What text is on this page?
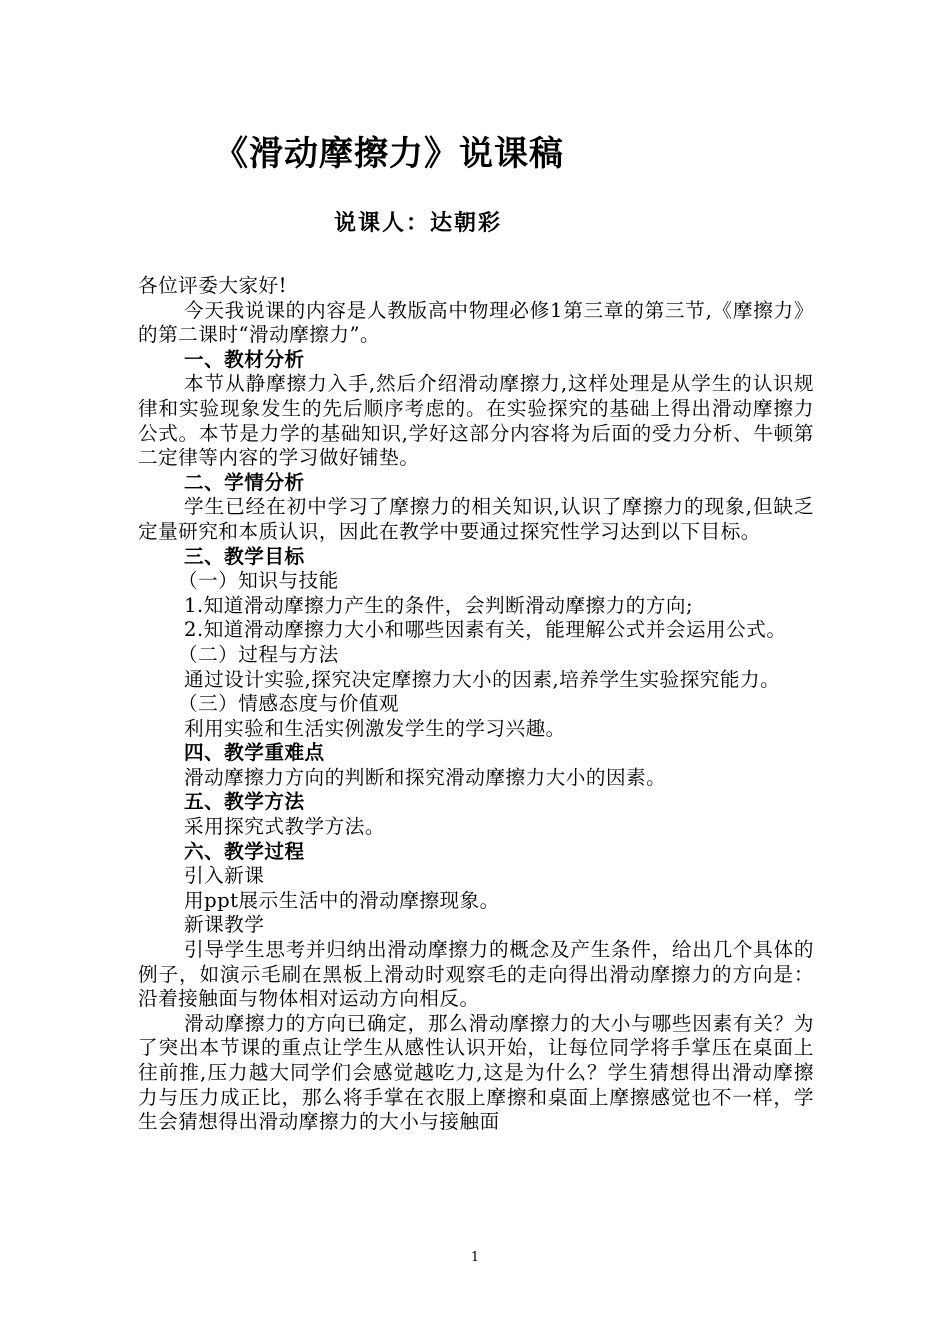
《滑动摩擦力》说课稿
说课人：达朝彩

各位评委大家好!

今天我说课的内容是人教版高中物理必修1第三章的第三节,《摩擦力》的第二课时“滑动摩擦力”。

一、教材分析

本节从静摩擦力入手,然后介绍滑动摩擦力,这样处理是从学生的认识规律和实验现象发生的先后顺序考虑的。在实验探究的基础上得出滑动摩擦力公式。本节是力学的基础知识,学好这部分内容将为后面的受力分析、牛顿第二定律等内容的学习做好铺垫。

二、学情分析

学生已经在初中学习了摩擦力的相关知识,认识了摩擦力的现象,但缺乏定量研究和本质认识，因此在教学中要通过探究性学习达到以下目标。

三、教学目标

（一）知识与技能

1.知道滑动摩擦力产生的条件，会判断滑动摩擦力的方向;

2.知道滑动摩擦力大小和哪些因素有关，能理解公式并会运用公式。

（二）过程与方法

通过设计实验,探究决定摩擦力大小的因素,培养学生实验探究能力。

（三）情感态度与价值观

利用实验和生活实例激发学生的学习兴趣。

四、教学重难点

滑动摩擦力方向的判断和探究滑动摩擦力大小的因素。

五、教学方法

采用探究式教学方法。

六、教学过程

引入新课

用ppt展示生活中的滑动摩擦现象。

新课教学

引导学生思考并归纳出滑动摩擦力的概念及产生条件，给出几个具体的例子，如演示毛刷在黑板上滑动时观察毛的走向得出滑动摩擦力的方向是：沿着接触面与物体相对运动方向相反。

滑动摩擦力的方向已确定，那么滑动摩擦力的大小与哪些因素有关？为了突出本节课的重点让学生从感性认识开始，让每位同学将手掌压在桌面上往前推,压力越大同学们会感觉越吃力,这是为什么？学生猜想得出滑动摩擦力与压力成正比，那么将手掌在衣服上摩擦和桌面上摩擦感觉也不一样，学生会猜想得出滑动摩擦力的大小与接触面

1
